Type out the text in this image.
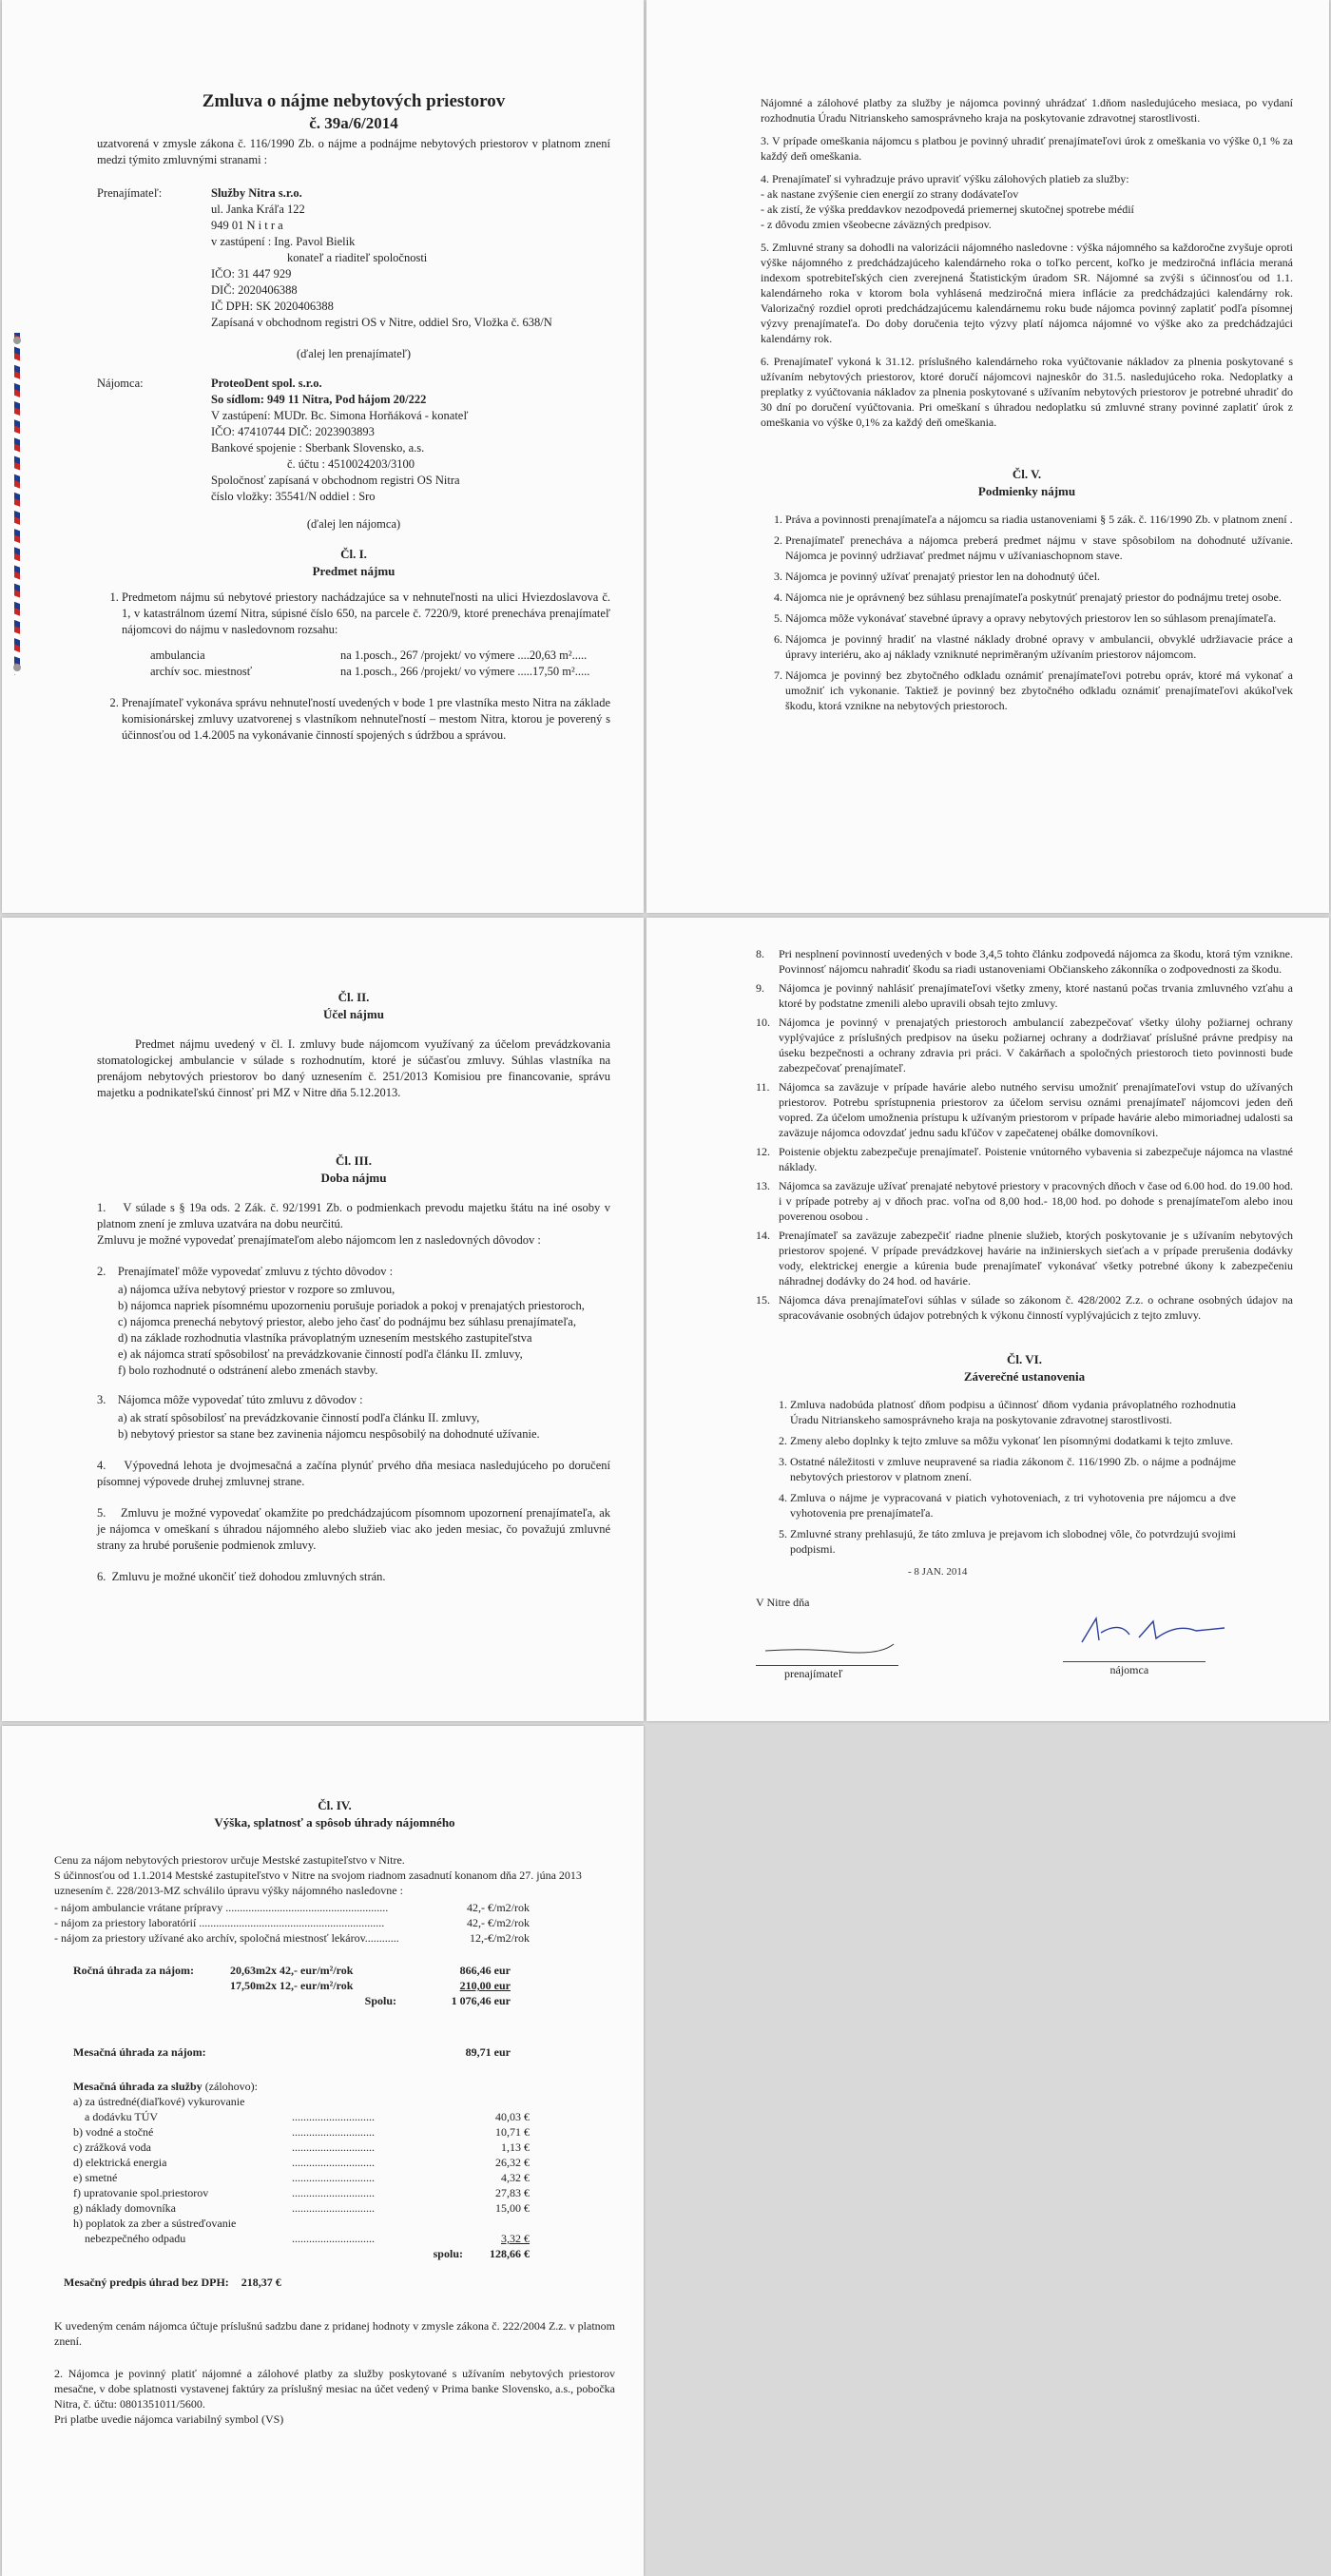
Zmluva o nájme nebytových priestorov
č. 39a/6/2014

uzatvorená v zmysle zákona č. 116/1990 Zb. o nájme a podnájme nebytových priestorov v platnom znení medzi týmito zmluvnými stranami :

Prenajímateľ:	Služby Nitra s.r.o.
ul. Janka Kráľa 122
949 01 N i t r a
v zastúpení : Ing. Pavol Bielik
konateľ a riaditeľ spoločnosti
IČO: 31 447 929
DIČ: 2020406388
IČ DPH: SK 2020406388
Zapísaná v obchodnom registri OS v Nitre, oddiel Sro, Vložka č. 638/N
(ďalej len prenajímateľ)
Nájomca:	ProteoDent spol. s.r.o.
So sídlom: 949 11 Nitra, Pod hájom 20/222
V zastúpení: MUDr. Bc. Simona Horňáková - konateľ
IČO: 47410744 DIČ: 2023903893
Bankové spojenie : Sberbank Slovensko, a.s.
č. účtu : 4510024203/3100
Spoločnosť zapísaná v obchodnom registri OS Nitra
číslo vložky: 35541/N oddiel : Sro
(ďalej len nájomca)
Čl. I.
Predmet nájmu
1. Predmetom nájmu sú nebytové priestory nachádzajúce sa v nehnuteľnosti na ulici Hviezdoslavova č. 1, v katastrálnom území Nitra, súpisné číslo 650, na parcele č. 7220/9, ktoré prenecháva prenajímateľ nájomcovi do nájmu v nasledovnom rozsahu:
ambulancia	na 1.posch., 267 /projekt/ vo výmere ....20,63 m².....
archív soc. miestnosť	na 1.posch., 266 /projekt/ vo výmere .....17,50 m².....
2. Prenajímateľ vykonáva správu nehnuteľností uvedených v bode 1 pre vlastníka mesto Nitra na základe komisionárskej zmluvy uzatvorenej s vlastníkom nehnuteľností – mestom Nitra, ktorou je poverený s účinnosťou od 1.4.2005 na vykonávanie činností spojených s údržbou a správou.

Nájomné a zálohové platby za služby je nájomca povinný uhrádzať 1.dňom nasledujúceho mesiaca, po vydaní rozhodnutia Úradu Nitrianskeho samosprávneho kraja na poskytovanie zdravotnej starostlivosti.

3. V prípade omeškania nájomcu s platbou je povinný uhradiť prenajímateľovi úrok z omeškania vo výške 0,1 % za každý deň omeškania.

4. Prenajímateľ si vyhradzuje právo upraviť výšku zálohových platieb za služby:

- ak nastane zvýšenie cien energií zo strany dodávateľov
- ak zistí, že výška preddavkov nezodpovedá priemernej skutočnej spotrebe médií
- z dôvodu zmien všeobecne záväzných predpisov.

5. Zmluvné strany sa dohodli na valorizácii nájomného nasledovne : výška nájomného sa každoročne zvyšuje oproti výške nájomného z predchádzajúceho kalendárneho roka o toľko percent, koľko je medziročná inflácia meraná indexom spotrebiteľských cien zverejnená Štatistickým úradom SR. Nájomné sa zvýši s účinnosťou od 1.1. kalendárneho roka v ktorom bola vyhlásená medziročná miera inflácie za predchádzajúci kalendárny rok. Valorizačný rozdiel oproti predchádzajúcemu kalendárnemu roku bude nájomca povinný zaplatiť podľa písomnej výzvy prenajímateľa. Do doby doručenia tejto výzvy platí nájomca nájomné vo výške ako za predchádzajúci kalendárny rok.

6. Prenajímateľ vykoná k 31.12. príslušného kalendárneho roka vyúčtovanie nákladov za plnenia poskytované s užívaním nebytových priestorov, ktoré doručí nájomcovi najneskôr do 31.5. nasledujúceho roka. Nedoplatky a preplatky z vyúčtovania nákladov za plnenia poskytované s užívaním nebytových priestorov je potrebné uhradiť do 30 dní po doručení vyúčtovania. Pri omeškaní s úhradou nedoplatku sú zmluvné strany povinné zaplatiť úrok z omeškania vo výške 0,1% za každý deň omeškania.

Čl. V.
Podmienky nájmu
1. Práva a povinnosti prenajímateľa a nájomcu sa riadia ustanoveniami § 5 zák. č. 116/1990 Zb. v platnom znení .
2. Prenajímateľ prenecháva a nájomca preberá predmet nájmu v stave spôsobilom na dohodnuté užívanie. Nájomca je povinný udržiavať predmet nájmu v užívaniaschopnom stave.
3. Nájomca je povinný užívať prenajatý priestor len na dohodnutý účel.
4. Nájomca nie je oprávnený bez súhlasu prenajímateľa poskytnúť prenajatý priestor do podnájmu tretej osobe.
5. Nájomca môže vykonávať stavebné úpravy a opravy nebytových priestorov len so súhlasom prenajímateľa.
6. Nájomca je povinný hradiť na vlastné náklady drobné opravy v ambulancii, obvyklé udržiavacie práce a úpravy interiéru, ako aj náklady vzniknuté nepriměraným užívaním priestorov nájomcom.
7. Nájomca je povinný bez zbytočného odkladu oznámiť prenajímateľovi potrebu opráv, ktoré má vykonať a umožniť ich vykonanie. Taktiež je povinný bez zbytočného odkladu oznámiť prenajímateľovi akúkoľvek škodu, ktorá vznikne na nebytových priestoroch.
Čl. II.
Účel nájmu

Predmet nájmu uvedený v čl. I. zmluvy bude nájomcom využívaný za účelom prevádzkovania stomatologickej ambulancie v súlade s rozhodnutím, ktoré je súčasťou zmluvy. Súhlas vlastníka na prenájom nebytových priestorov bo daný uznesením č. 251/2013 Komisiou pre financovanie, správu majetku a podnikateľskú činnosť pri MZ v Nitre dňa 5.12.2013.

Čl. III.
Doba nájmu

1.    V súlade s § 19a ods. 2 Zák. č. 92/1991 Zb. o podmienkach prevodu majetku štátu na iné osoby v platnom znení je zmluva uzatvára na dobu neurčitú.

Zmluvu je možné vypovedať prenajímateľom alebo nájomcom len z nasledovných dôvodov :

2.    Prenajímateľ môže vypovedať zmluvu z týchto dôvodov :

a) nájomca užíva nebytový priestor v rozpore so zmluvou,
b) nájomca napriek písomnému upozorneniu porušuje poriadok a pokoj v prenajatých priestoroch,
c) nájomca prenechá nebytový priestor, alebo jeho časť do podnájmu bez súhlasu prenajímateľa,
d) na základe rozhodnutia vlastníka právoplatným uznesením mestského zastupiteľstva
e) ak nájomca stratí spôsobilosť na prevádzkovanie činností podľa článku II. zmluvy,
f) bolo rozhodnuté o odstránení alebo zmenách stavby.

3.    Nájomca môže vypovedať túto zmluvu z dôvodov :

a) ak stratí spôsobilosť na prevádzkovanie činností podľa článku II. zmluvy,
b) nebytový priestor sa stane bez zavinenia nájomcu nespôsobilý na dohodnuté užívanie.

4.    Výpovedná lehota je dvojmesačná a začína plynúť prvého dňa mesiaca nasledujúceho po doručení písomnej výpovede druhej zmluvnej strane.

5.    Zmluvu je možné vypovedať okamžite po predchádzajúcom písomnom upozornení prenajímateľa, ak je nájomca v omeškaní s úhradou nájomného alebo služieb viac ako jeden mesiac, čo považujú zmluvné strany za hrubé porušenie podmienok zmluvy.

6.  Zmluvu je možné ukončiť tiež dohodou zmluvných strán.

8.	Pri nesplnení povinností uvedených v bode 3,4,5 tohto článku zodpovedá nájomca za škodu, ktorá tým vznikne. Povinnosť nájomcu nahradiť škodu sa riadi ustanoveniami Občianskeho zákonníka o zodpovednosti za škodu.
9.	Nájomca je povinný nahlásiť prenajímateľovi všetky zmeny, ktoré nastanú počas trvania zmluvného vzťahu a ktoré by podstatne zmenili alebo upravili obsah tejto zmluvy.
10. Nájomca je povinný v prenajatých priestoroch ambulancií zabezpečovať všetky úlohy požiarnej ochrany vyplývajúce z príslušných predpisov na úseku požiarnej ochrany a dodržiavať príslušné právne predpisy na úseku bezpečnosti a ochrany zdravia pri práci. V čakárňach a spoločných priestoroch tieto povinnosti bude zabezpečovať prenajímateľ.
11. Nájomca sa zaväzuje v prípade havárie alebo nutného servisu umožniť prenajímateľovi vstup do užívaných priestorov. Potrebu sprístupnenia priestorov za účelom servisu oznámi prenajímateľ nájomcovi jeden deň vopred. Za účelom umožnenia prístupu k užívaným priestorom v prípade havárie alebo mimoriadnej udalosti sa zaväzuje nájomca odovzdať jednu sadu kľúčov v zapečatenej obálke domovníkovi.
12. Poistenie objektu zabezpečuje prenajímateľ. Poistenie vnútorného vybavenia si zabezpečuje nájomca na vlastné náklady.
13. Nájomca sa zaväzuje užívať prenajaté nebytové priestory v pracovných dňoch v čase od 6.00 hod. do 19.00 hod. i v prípade potreby aj v dňoch prac. voľna od 8,00 hod.- 18,00 hod. po dohode s prenajímateľom alebo inou poverenou osobou .
14. Prenajímateľ sa zaväzuje zabezpečiť riadne plnenie služieb, ktorých poskytovanie je s užívaním nebytových priestorov spojené. V prípade prevádzkovej havárie na inžinierskych sieťach a v prípade prerušenia dodávky vody, elektrickej energie a kúrenia bude prenajímateľ vykonávať všetky potrebné úkony k zabezpečeniu náhradnej dodávky do 24 hod. od havárie.
15. Nájomca dáva prenajímateľovi súhlas v súlade so zákonom č. 428/2002 Z.z. o ochrane osobných údajov na spracovávanie osobných údajov potrebných k výkonu činností vyplývajúcich z tejto zmluvy.
Čl. VI.
Záverečné ustanovenia
1. Zmluva nadobúda platnosť dňom podpisu a účinnosť dňom vydania právoplatného rozhodnutia Úradu Nitrianskeho samosprávneho kraja na poskytovanie zdravotnej starostlivosti.
2. Zmeny alebo doplnky k tejto zmluve sa môžu vykonať len písomnými dodatkami k tejto zmluve.
3. Ostatné náležitosti v zmluve neupravené sa riadia zákonom č. 116/1990 Zb. o nájme a podnájme nebytových priestorov v platnom znení.
4. Zmluva o nájme je vypracovaná v piatich vyhotoveniach, z tri vyhotovenia pre nájomcu a dve vyhotovenia pre prenajímateľa.
5. Zmluvné strany prehlasujú, že táto zmluva je prejavom ich slobodnej vôle, čo potvrdzujú svojimi podpismi.
- 8 JAN. 2014
V Nitre dňa
prenajímateľ	nájomca
Čl. IV.
Výška, splatnosť a spôsob úhrady nájomného
Cenu za nájom nebytových priestorov určuje Mestské zastupiteľstvo v Nitre.
S účinnosťou od 1.1.2014 Mestské zastupiteľstvo v Nitre na svojom riadnom zasadnutí konanom dňa 27. júna 2013 uznesením č. 228/2013-MZ schválilo úpravu výšky nájomného nasledovne :
- nájom ambulancie vrátane prípravy .........................................................	42,- €/m2/rok
- nájom za priestory laboratórií .................................................................	42,- €/m2/rok
- nájom za priestory užívané ako archív, spoločná miestnosť lekárov............	12,-€/m2/rok
Ročná úhrada za nájom:	20,63m2x 42,- eur/m²/rok	866,46 eur
17,50m2x 12,- eur/m²/rok	210,00 eur
Spolu:	1 076,46 eur
Mesačná úhrada za nájom:	89,71 eur
Mesačná úhrada za služby (zálohovo):
a) za ústredné(diaľkové) vykurovanie
a dodávku TÚV	.............................	40,03 €
b) vodné a stočné	.............................	10,71 €
c) zrážková voda	.............................	1,13 €
d) elektrická energia	.............................	26,32 €
e) smetné	.............................	4,32 €
f) upratovanie spol.priestorov	.............................	27,83 €
g) náklady domovníka	.............................	15,00 €
h) poplatok za zber a sústreďovanie
nebezpečného odpadu	.............................	3,32 €
spolu:	128,66 €
Mesačný predpis úhrad bez DPH: 218,37 €

K uvedeným cenám nájomca účtuje príslušnú sadzbu dane z pridanej hodnoty v zmysle zákona č. 222/2004 Z.z. v platnom znení.

2. Nájomca je povinný platiť nájomné a zálohové platby za služby poskytované s užívaním nebytových priestorov mesačne, v dobe splatnosti vystavenej faktúry za príslušný mesiac na účet vedený v Prima banke Slovensko, a.s., pobočka Nitra, č. účtu: 0801351011/5600.

Pri platbe uvedie nájomca variabilný symbol (VS)
